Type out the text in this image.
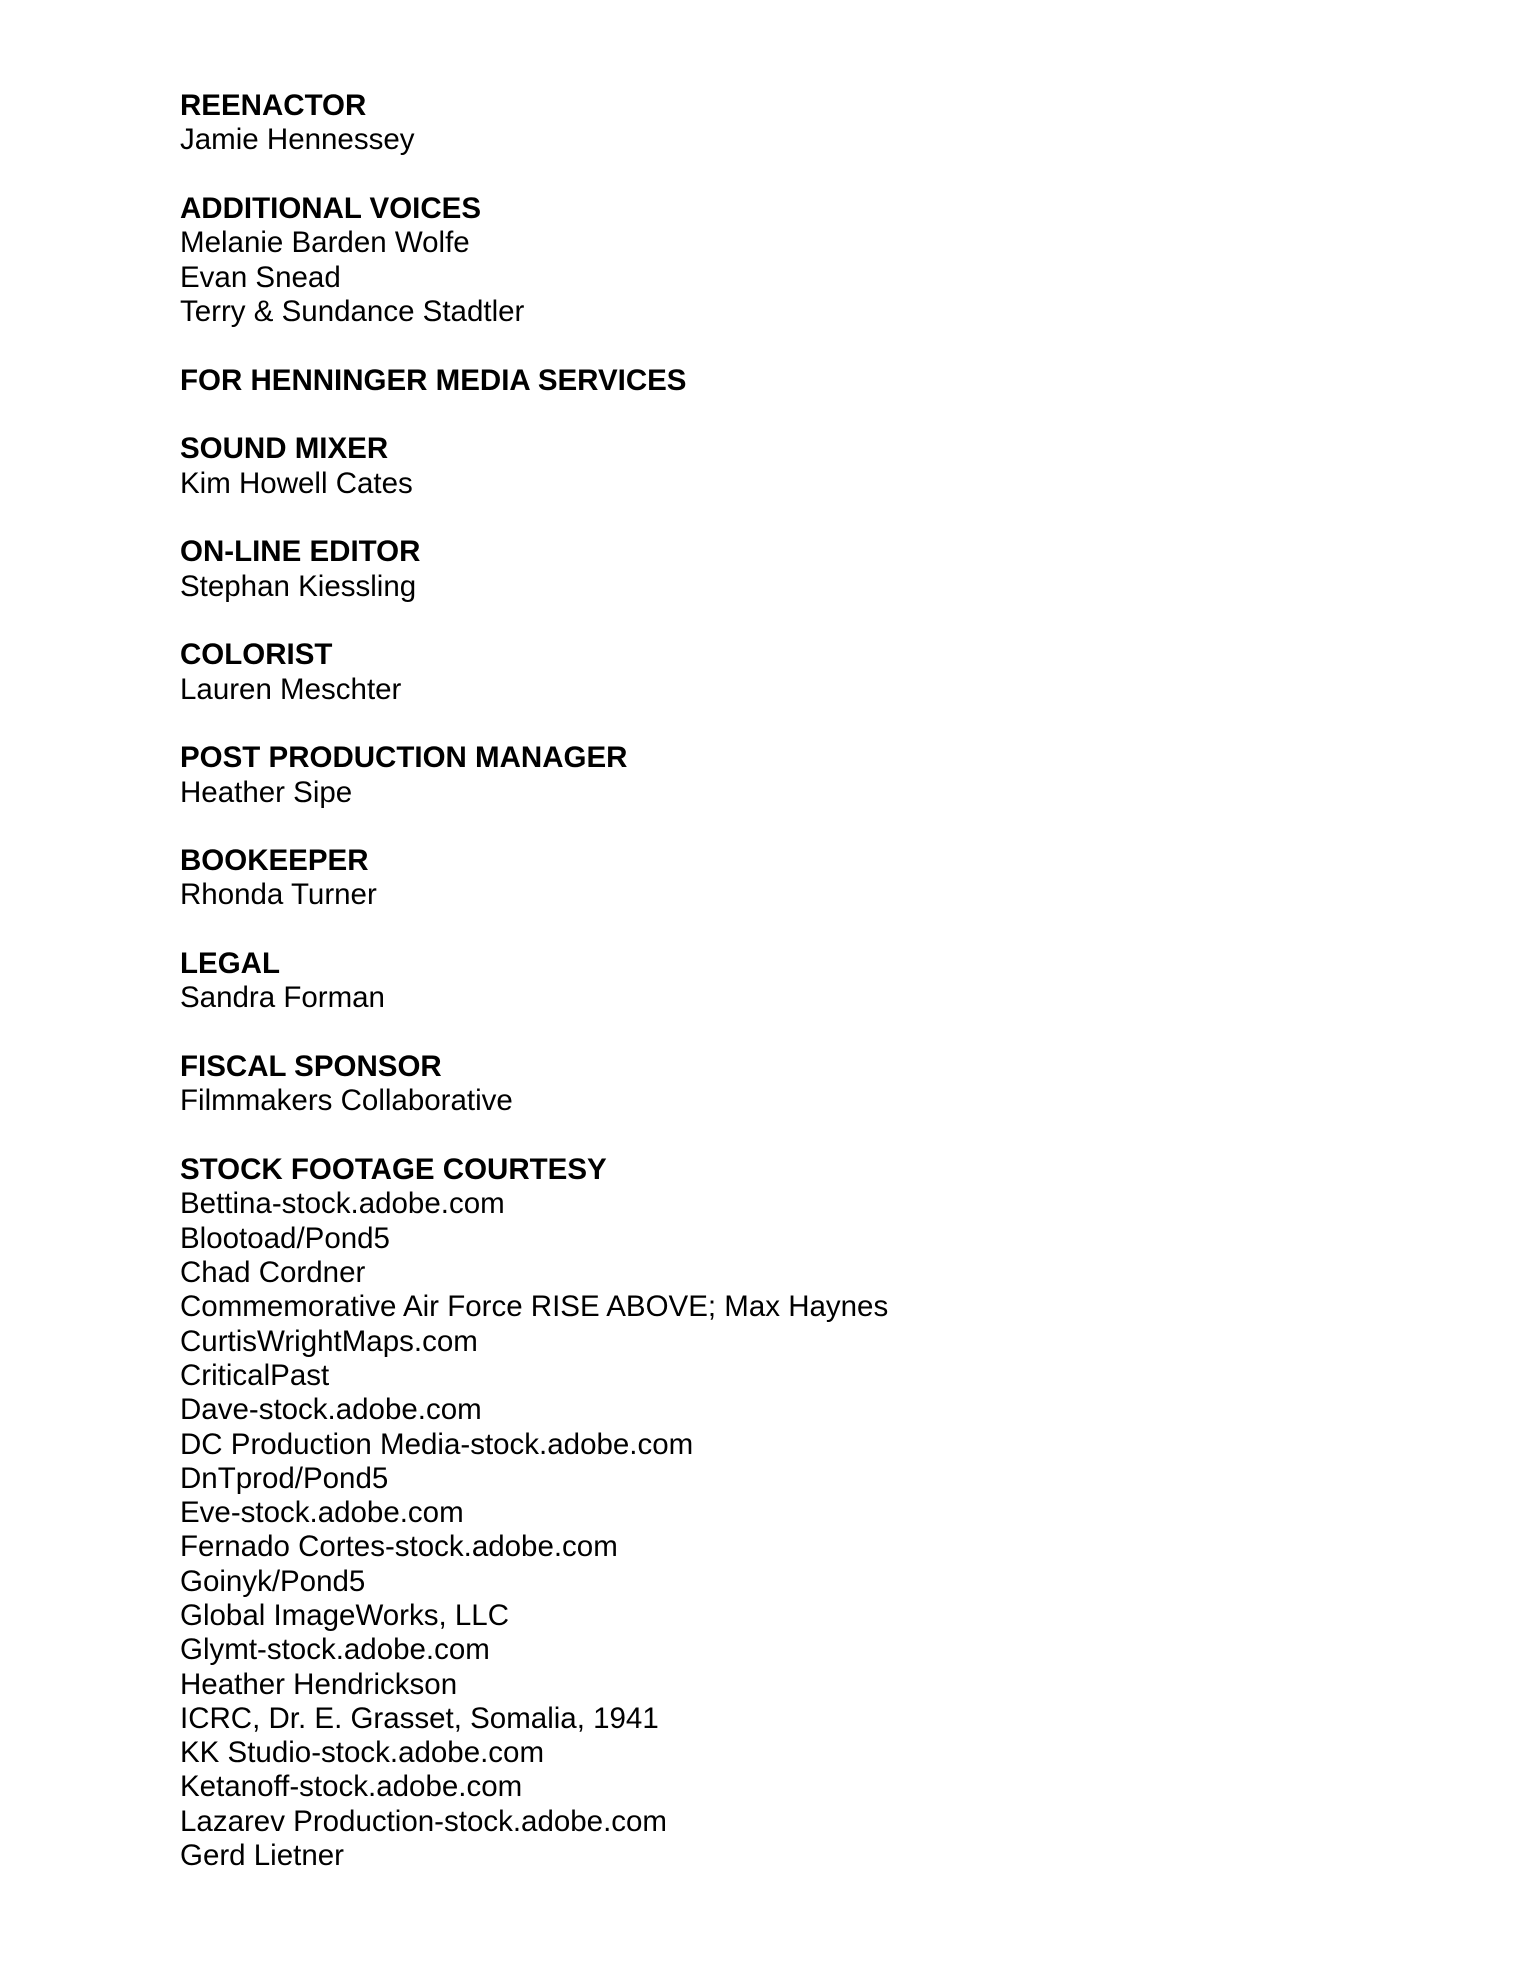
REENACTOR
Jamie Hennessey
ADDITIONAL VOICES
Melanie Barden Wolfe
Evan Snead
Terry & Sundance Stadtler
FOR HENNINGER MEDIA SERVICES
SOUND MIXER
Kim Howell Cates
ON-LINE EDITOR
Stephan Kiessling
COLORIST
Lauren Meschter
POST PRODUCTION MANAGER
Heather Sipe
BOOKEEPER
Rhonda Turner
LEGAL
Sandra Forman
FISCAL SPONSOR
Filmmakers Collaborative
STOCK FOOTAGE COURTESY
Bettina-stock.adobe.com
Blootoad/Pond5
Chad Cordner
Commemorative Air Force RISE ABOVE; Max Haynes
CurtisWrightMaps.com
CriticalPast
Dave-stock.adobe.com
DC Production Media-stock.adobe.com
DnTprod/Pond5
Eve-stock.adobe.com
Fernado Cortes-stock.adobe.com
Goinyk/Pond5
Global ImageWorks, LLC
Glymt-stock.adobe.com
Heather Hendrickson
ICRC, Dr. E. Grasset, Somalia, 1941
KK Studio-stock.adobe.com
Ketanoff-stock.adobe.com
Lazarev Production-stock.adobe.com
Gerd Lietner
